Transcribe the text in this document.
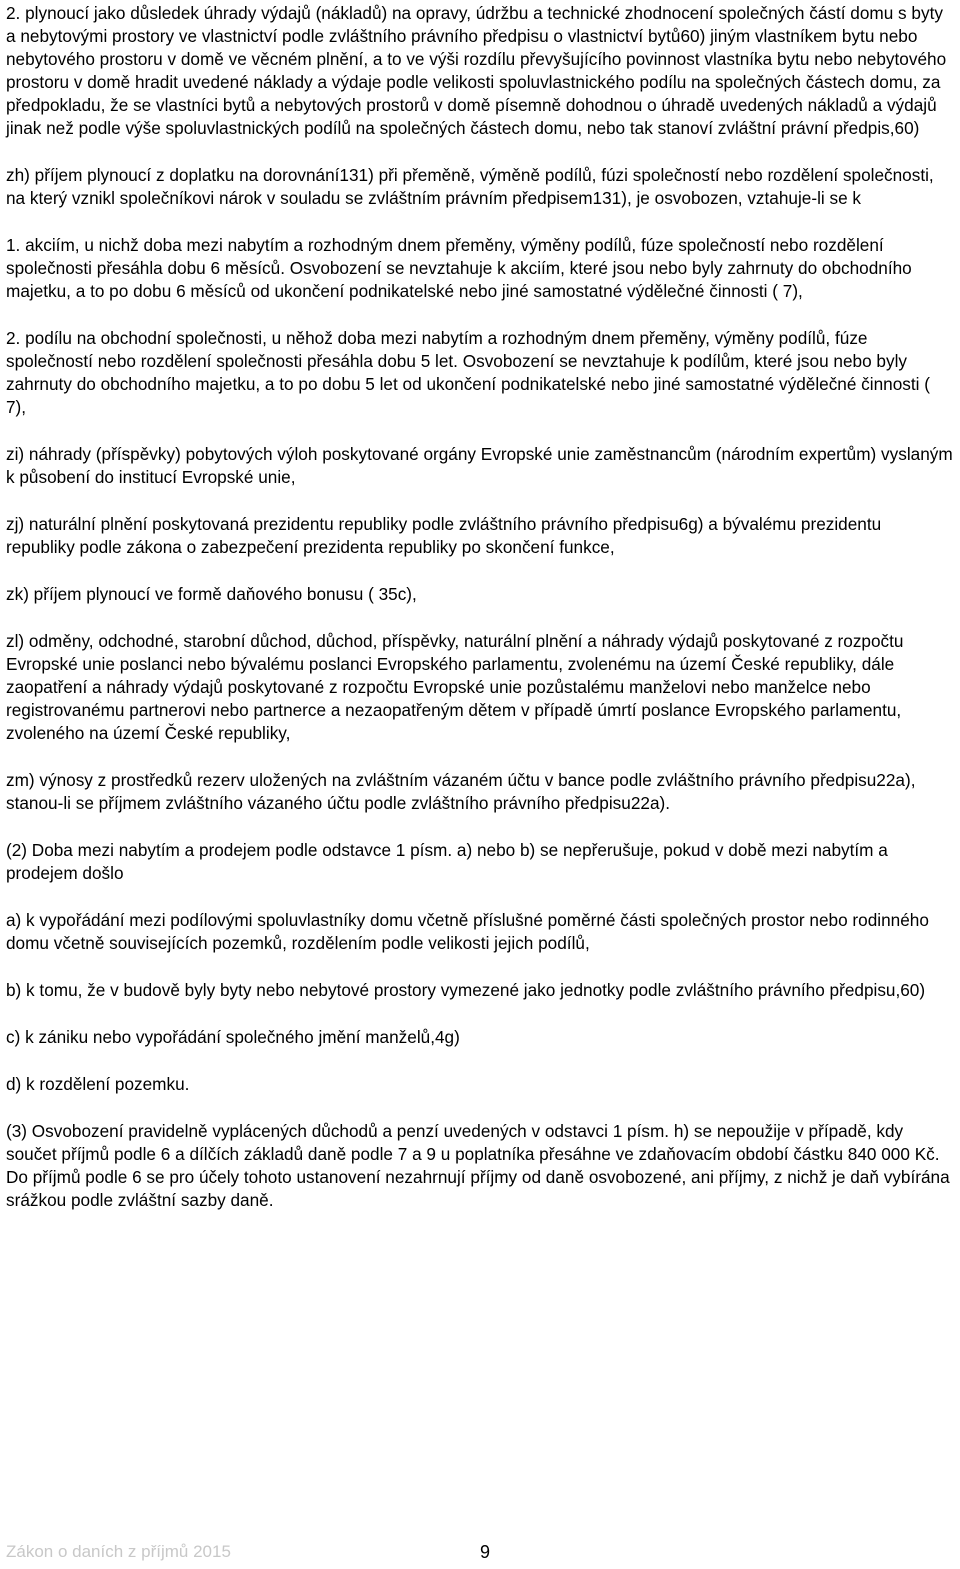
2. plynoucí jako důsledek úhrady výdajů (nákladů) na opravy, údržbu a technické zhodnocení společných částí domu s byty a nebytovými prostory ve vlastnictví podle zvláštního právního předpisu o vlastnictví bytů60) jiným vlastníkem bytu nebo nebytového prostoru v domě ve věcném plnění, a to ve výši rozdílu převyšujícího povinnost vlastníka bytu nebo nebytového prostoru v domě hradit uvedené náklady a výdaje podle velikosti spoluvlastnického podílu na společných částech domu, za předpokladu, že se vlastníci bytů a nebytových prostorů v domě písemně dohodnou o úhradě uvedených nákladů a výdajů jinak než podle výše spoluvlastnických podílů na společných částech domu, nebo tak stanoví zvláštní právní předpis,60)

zh) příjem plynoucí z doplatku na dorovnání131) při přeměně, výměně podílů, fúzi společností nebo rozdělení společnosti, na který vznikl společníkovi nárok v souladu se zvláštním právním předpisem131), je osvobozen, vztahuje-li se k

1. akciím, u nichž doba mezi nabytím a rozhodným dnem přeměny, výměny podílů, fúze společností nebo rozdělení společnosti přesáhla dobu 6 měsíců. Osvobození se nevztahuje k akciím, které jsou nebo byly zahrnuty do obchodního majetku, a to po dobu 6 měsíců od ukončení podnikatelské nebo jiné samostatné výdělečné činnosti ( 7),

2. podílu na obchodní společnosti, u něhož doba mezi nabytím a rozhodným dnem přeměny, výměny podílů, fúze společností nebo rozdělení společnosti přesáhla dobu 5 let. Osvobození se nevztahuje k podílům, které jsou nebo byly zahrnuty do obchodního majetku, a to po dobu 5 let od ukončení podnikatelské nebo jiné samostatné výdělečné činnosti ( 7),

zi) náhrady (příspěvky) pobytových výloh poskytované orgány Evropské unie zaměstnancům (národním expertům) vyslaným k působení do institucí Evropské unie,

zj) naturální plnění poskytovaná prezidentu republiky podle zvláštního právního předpisu6g) a bývalému prezidentu republiky podle zákona o zabezpečení prezidenta republiky po skončení funkce,

zk) příjem plynoucí ve formě daňového bonusu ( 35c),

zl) odměny, odchodné, starobní důchod, důchod, příspěvky, naturální plnění a náhrady výdajů poskytované z rozpočtu Evropské unie poslanci nebo bývalému poslanci Evropského parlamentu, zvolenému na území České republiky, dále zaopatření a náhrady výdajů poskytované z rozpočtu Evropské unie pozůstalému manželovi nebo manželce nebo registrovanému partnerovi nebo partnerce a nezaopatřeným dětem v případě úmrtí poslance Evropského parlamentu, zvoleného na území České republiky,

zm) výnosy z prostředků rezerv uložených na zvláštním vázaném účtu v bance podle zvláštního právního předpisu22a), stanou-li se příjmem zvláštního vázaného účtu podle zvláštního právního předpisu22a).

(2) Doba mezi nabytím a prodejem podle odstavce 1 písm. a) nebo b) se nepřerušuje, pokud v době mezi nabytím a prodejem došlo

a) k vypořádání mezi podílovými spoluvlastníky domu včetně příslušné poměrné části společných prostor nebo rodinného domu včetně souvisejících pozemků, rozdělením podle velikosti jejich podílů,

b) k tomu, že v budově byly byty nebo nebytové prostory vymezené jako jednotky podle zvláštního právního předpisu,60)

c) k zániku nebo vypořádání společného jmění manželů,4g)

d) k rozdělení pozemku.

(3) Osvobození pravidelně vyplácených důchodů a penzí uvedených v odstavci 1 písm. h) se nepoužije v případě, kdy součet příjmů podle 6 a dílčích základů daně podle 7 a 9 u poplatníka přesáhne ve zdaňovacím období částku 840 000 Kč. Do příjmů podle 6 se pro účely tohoto ustanovení nezahrnují příjmy od daně osvobozené, ani příjmy, z nichž je daň vybírána srážkou podle zvláštní sazby daně.

Zákon o daních z příjmů 2015	9
